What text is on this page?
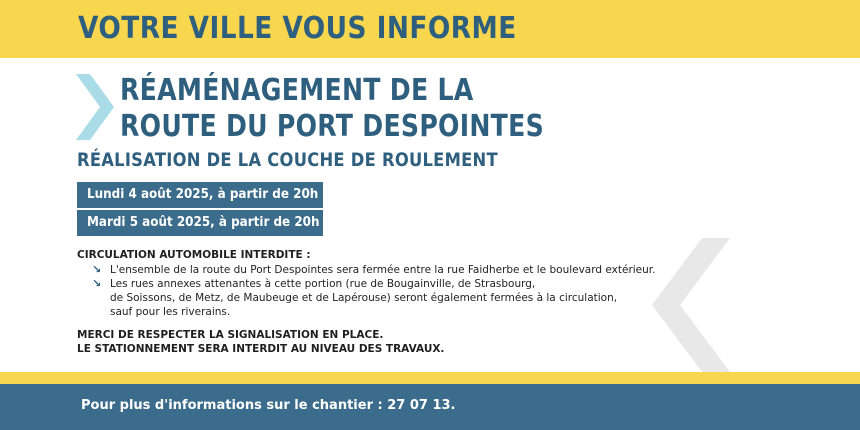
VOTRE VILLE VOUS INFORME
RÉAMÉNAGEMENT DE LA
ROUTE DU PORT DESPOINTES
RÉALISATION DE LA COUCHE DE ROULEMENT
Lundi 4 août 2025, à partir de 20h
Mardi 5 août 2025, à partir de 20h
CIRCULATION AUTOMOBILE INTERDITE :
↘ L'ensemble de la route du Port Despointes sera fermée entre la rue Faidherbe et le boulevard extérieur.
↘ Les rues annexes attenantes à cette portion (rue de Bougainville, de Strasbourg,
de Soissons, de Metz, de Maubeuge et de Lapérouse) seront également fermées à la circulation,
sauf pour les riverains.
MERCI DE RESPECTER LA SIGNALISATION EN PLACE.
LE STATIONNEMENT SERA INTERDIT AU NIVEAU DES TRAVAUX.
Pour plus d'informations sur le chantier : 27 07 13.
